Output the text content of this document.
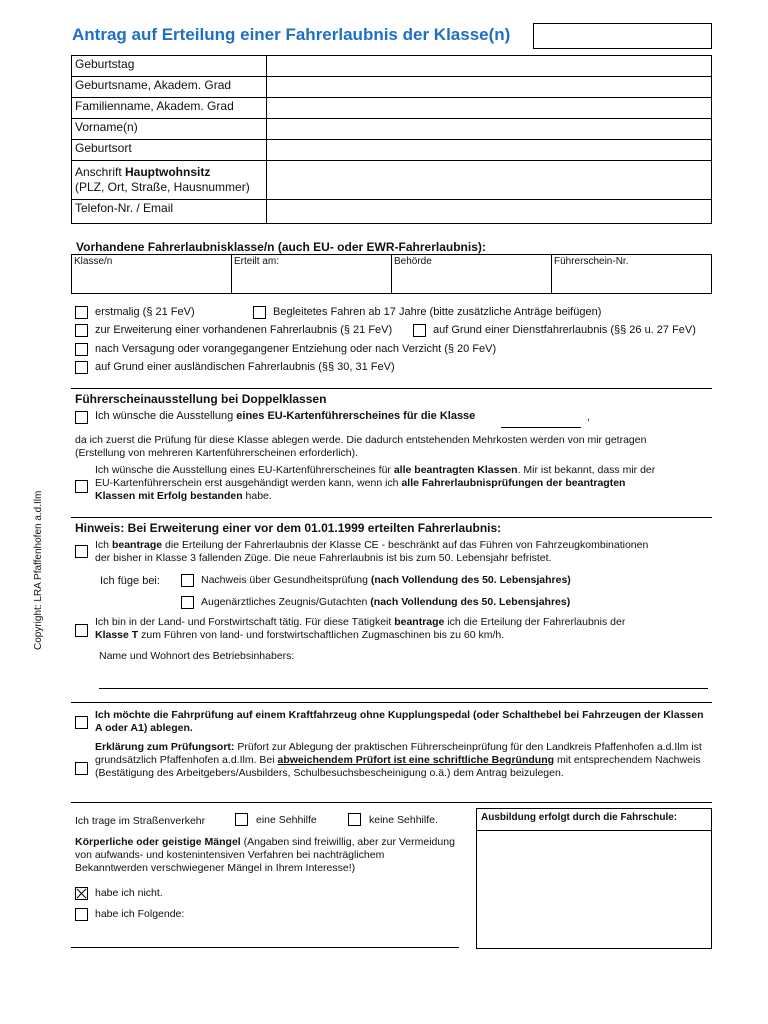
Antrag auf Erteilung einer Fahrerlaubnis der Klasse(n)
Geburtstag	
Geburtsname, Akadem. Grad	
Familienname, Akadem. Grad	
Vorname(n)	
Geburtsort	
Anschrift Hauptwohnsitz
(PLZ, Ort, Straße, Hausnummer)	
Telefon-Nr. / Email	
Vorhandene Fahrerlaubnisklasse/n (auch EU- oder EWR-Fahrerlaubnis):
Klasse/n	Erteilt am:	Behörde	Führerschein-Nr.
erstmalig (§ 21 FeV)	Begleitetes Fahren ab 17 Jahre (bitte zusätzliche Anträge beifügen)
zur Erweiterung einer vorhandenen Fahrerlaubnis (§ 21 FeV)	auf Grund einer Dienstfahrerlaubnis (§§ 26 u. 27 FeV)
nach Versagung oder vorangegangener Entziehung oder nach Verzicht (§ 20 FeV)
auf Grund einer ausländischen Fahrerlaubnis (§§ 30, 31 FeV)
Führerscheinausstellung bei Doppelklassen
Ich wünsche die Ausstellung eines EU-Kartenführerscheines für die Klasse	,
da ich zuerst die Prüfung für diese Klasse ablegen werde. Die dadurch entstehenden Mehrkosten werden von mir getragen
(Erstellung von mehreren Kartenführerscheinen erforderlich).
Ich wünsche die Ausstellung eines EU-Kartenführerscheines für alle beantragten Klassen. Mir ist bekannt, dass mir der
EU-Kartenführerschein erst ausgehändigt werden kann, wenn ich alle Fahrerlaubnisprüfungen der beantragten
Klassen mit Erfolg bestanden habe.
Hinweis: Bei Erweiterung einer vor dem 01.01.1999 erteilten Fahrerlaubnis:
Ich beantrage die Erteilung der Fahrerlaubnis der Klasse CE - beschränkt auf das Führen von Fahrzeugkombinationen
der bisher in Klasse 3 fallenden Züge. Die neue Fahrerlaubnis ist bis zum 50. Lebensjahr befristet.
Ich füge bei:	Nachweis über Gesundheitsprüfung (nach Vollendung des 50. Lebensjahres)
Augenärztliches Zeugnis/Gutachten (nach Vollendung des 50. Lebensjahres)
Ich bin in der Land- und Forstwirtschaft tätig. Für diese Tätigkeit beantrage ich die Erteilung der Fahrerlaubnis der
Klasse T zum Führen von land- und forstwirtschaftlichen Zugmaschinen bis zu 60 km/h.
Name und Wohnort des Betriebsinhabers:
Ich möchte die Fahrprüfung auf einem Kraftfahrzeug ohne Kupplungspedal (oder Schalthebel bei Fahrzeugen der Klassen A oder A1) ablegen.
Erklärung zum Prüfungsort: Prüfort zur Ablegung der praktischen Führerscheinprüfung für den Landkreis Pfaffenhofen a.d.Ilm ist grundsätzlich Pfaffenhofen a.d.Ilm. Bei abweichendem Prüfort ist eine schriftliche Begründung mit entsprechendem Nachweis (Bestätigung des Arbeitgebers/Ausbilders, Schulbesuchsbescheinigung o.ä.) dem Antrag beizulegen.
Ich trage im Straßenverkehr	eine Sehhilfe	keine Sehhilfe.
Körperliche oder geistige Mängel (Angaben sind freiwillig, aber zur Vermeidung von aufwands- und kostenintensiven Verfahren bei nachträglichem Bekanntwerden verschwiegener Mängel in Ihrem Interesse!)
habe ich nicht.
habe ich Folgende:
Ausbildung erfolgt durch die Fahrschule:
Copyright: LRA Pfaffenhofen a.d.Ilm
